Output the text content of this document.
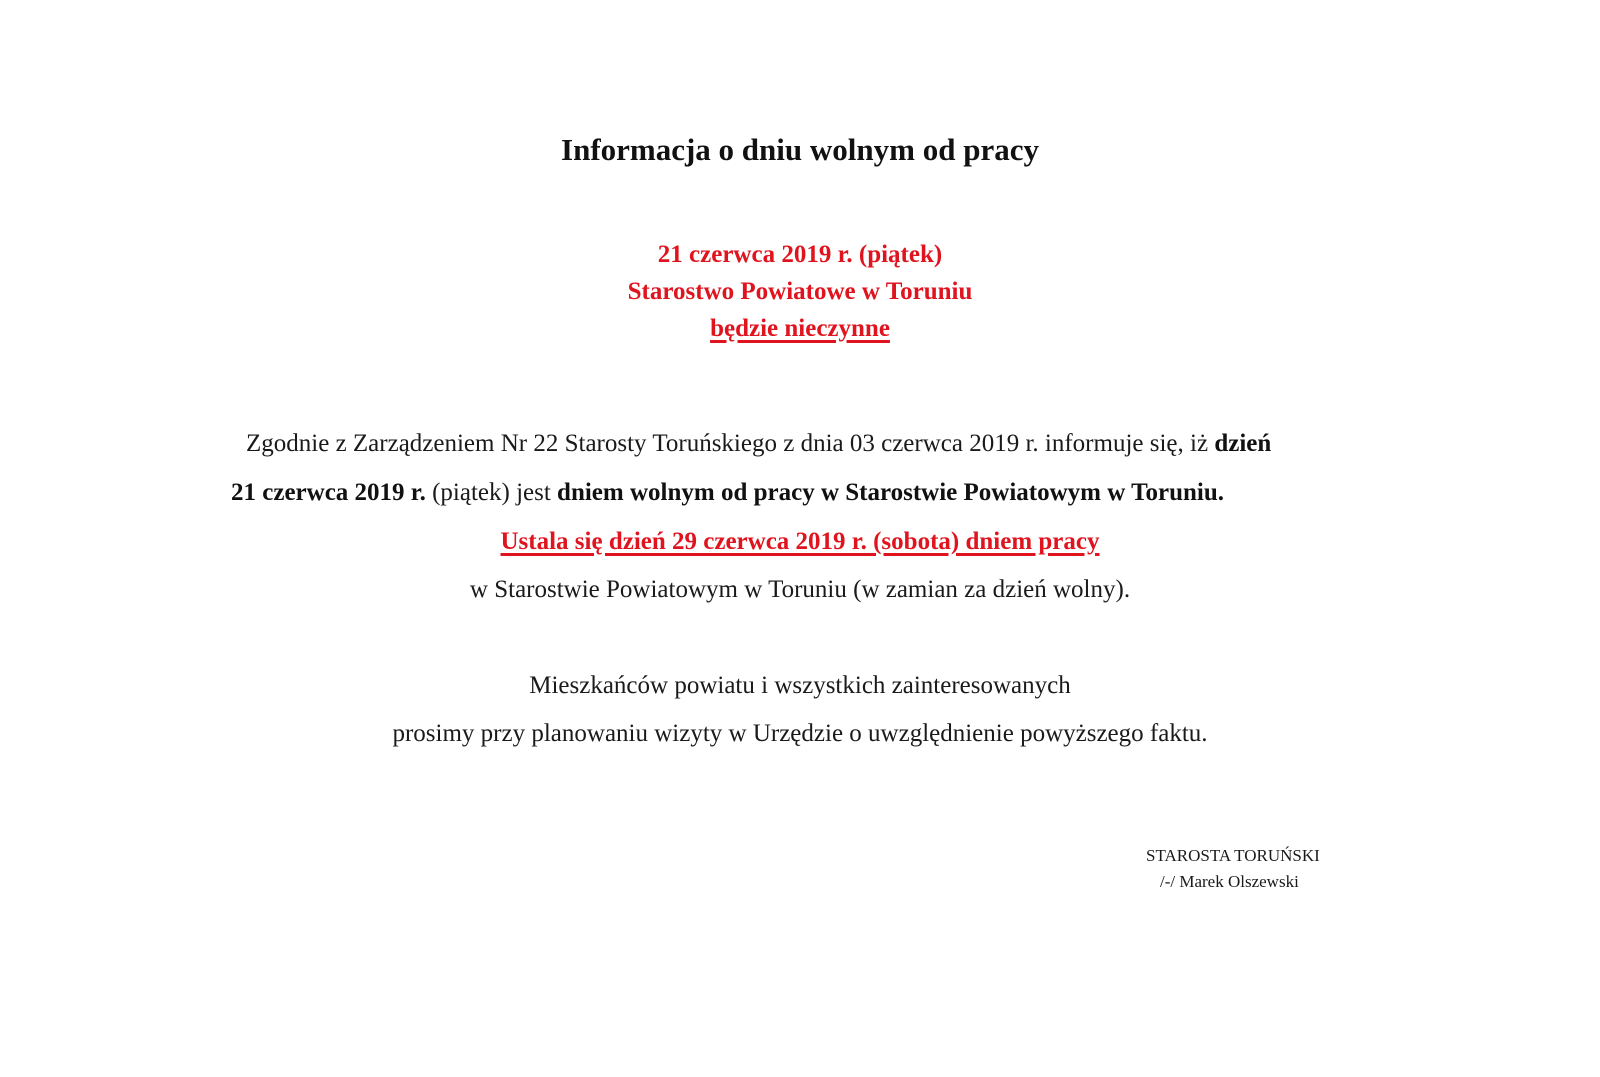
Informacja o dniu wolnym od pracy
21 czerwca 2019 r. (piątek)
Starostwo Powiatowe w Toruniu
będzie nieczynne
Zgodnie z Zarządzeniem Nr 22 Starosty Toruńskiego z dnia 03 czerwca 2019 r. informuje się, iż dzień
21 czerwca 2019 r. (piątek) jest dniem wolnym od pracy w Starostwie Powiatowym w Toruniu.
Ustala się dzień 29 czerwca 2019 r. (sobota) dniem pracy
w Starostwie Powiatowym w Toruniu (w zamian za dzień wolny).
Mieszkańców powiatu i wszystkich zainteresowanych
prosimy przy planowaniu wizyty w Urzędzie o uwzględnienie powyższego faktu.
STAROSTA TORUŃSKI
/-/ Marek Olszewski
